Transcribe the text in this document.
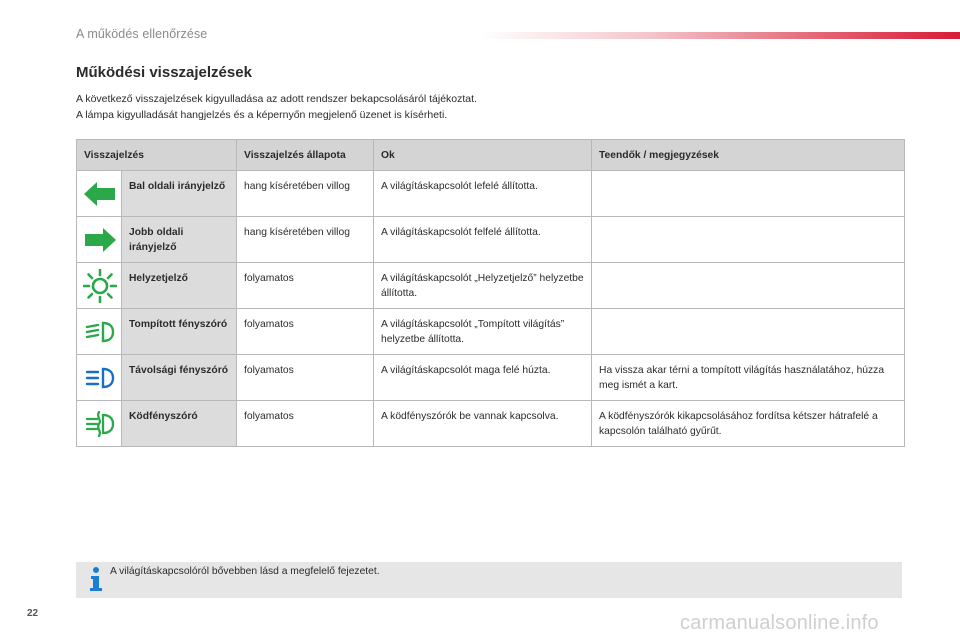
A működés ellenőrzése
Működési visszajelzések
A következő visszajelzések kigyulladása az adott rendszer bekapcsolásáról tájékoztat.
A lámpa kigyulladását hangjelzés és a képernyőn megjelenő üzenet is kísérheti.
Visszajelzés		Visszajelzés állapota	Ok	Teendők / megjegyzések

	Bal oldali irányjelző	hang kíséretében villog	A világításkapcsolót lefelé állította.	

	Jobb oldali irányjelző	hang kíséretében villog	A világításkapcsolót felfelé állította.	

	Helyzetjelző	folyamatos	A világításkapcsolót „Helyzetjelző” helyzetbe állította.	

	Tompított fényszóró	folyamatos	A világításkapcsolót „Tompított világítás” helyzetbe állította.	

	Távolsági fényszóró	folyamatos	A világításkapcsolót maga felé húzta.	Ha vissza akar térni a tompított világítás használatához, húzza meg ismét a kart.

	Ködfényszóró	folyamatos	A ködfényszórók be vannak kapcsolva.	A ködfényszórók kikapcsolásához fordítsa kétszer hátrafelé a kapcsolón található gyűrűt.
A világításkapcsolóról bővebben lásd a megfelelő fejezetet.
22	carmanualsonline.info
